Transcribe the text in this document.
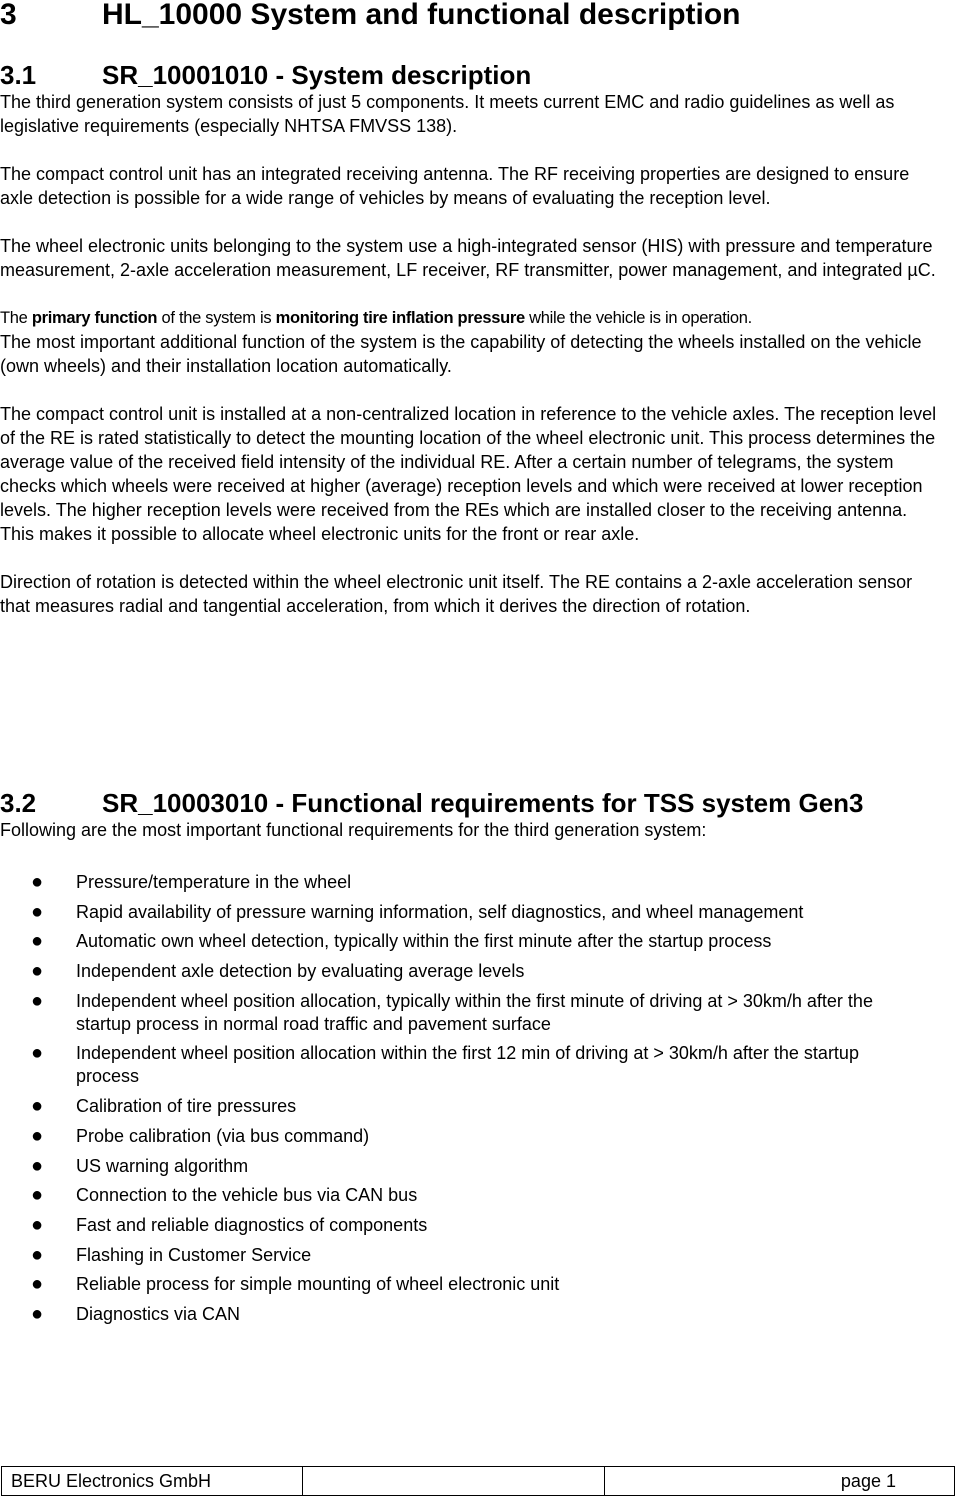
3	HL_10000 System and functional description
3.1	SR_10001010 - System description

The third generation system consists of just 5 components. It meets current EMC and radio guidelines as well as legislative requirements (especially NHTSA FMVSS 138).

The compact control unit has an integrated receiving antenna. The RF receiving properties are designed to ensure axle detection is possible for a wide range of vehicles by means of evaluating the reception level.

The wheel electronic units belonging to the system use a high-integrated sensor (HIS) with pressure and temperature measurement, 2-axle acceleration measurement, LF receiver, RF transmitter, power management, and integrated µC.

The primary function of the system is monitoring tire inflation pressure while the vehicle is in operation.

The most important additional function of the system is the capability of detecting the wheels installed on the vehicle (own wheels) and their installation location automatically.

The compact control unit is installed at a non-centralized location in reference to the vehicle axles. The reception level of the RE is rated statistically to detect the mounting location of the wheel electronic unit. This process determines the average value of the received field intensity of the individual RE. After a certain number of telegrams, the system checks which wheels were received at higher (average) reception levels and which were received at lower reception levels. The higher reception levels were received from the REs which are installed closer to the receiving antenna. This makes it possible to allocate wheel electronic units for the front or rear axle.

Direction of rotation is detected within the wheel electronic unit itself. The RE contains a 2-axle acceleration sensor that measures radial and tangential acceleration, from which it derives the direction of rotation.

3.2	SR_10003010 - Functional requirements for TSS system Gen3

Following are the most important functional requirements for the third generation system:

● Pressure/temperature in the wheel
● Rapid availability of pressure warning information, self diagnostics, and wheel management
● Automatic own wheel detection, typically within the first minute after the startup process
● Independent axle detection by evaluating average levels
● Independent wheel position allocation, typically within the first minute of driving at > 30km/h after the startup process in normal road traffic and pavement surface
● Independent wheel position allocation within the first 12 min of driving at > 30km/h after the startup process
● Calibration of tire pressures
● Probe calibration (via bus command)
● US warning algorithm
● Connection to the vehicle bus via CAN bus
● Fast and reliable diagnostics of components
● Flashing in Customer Service
● Reliable process for simple mounting of wheel electronic unit
● Diagnostics via CAN
BERU Electronics GmbH	page 1
